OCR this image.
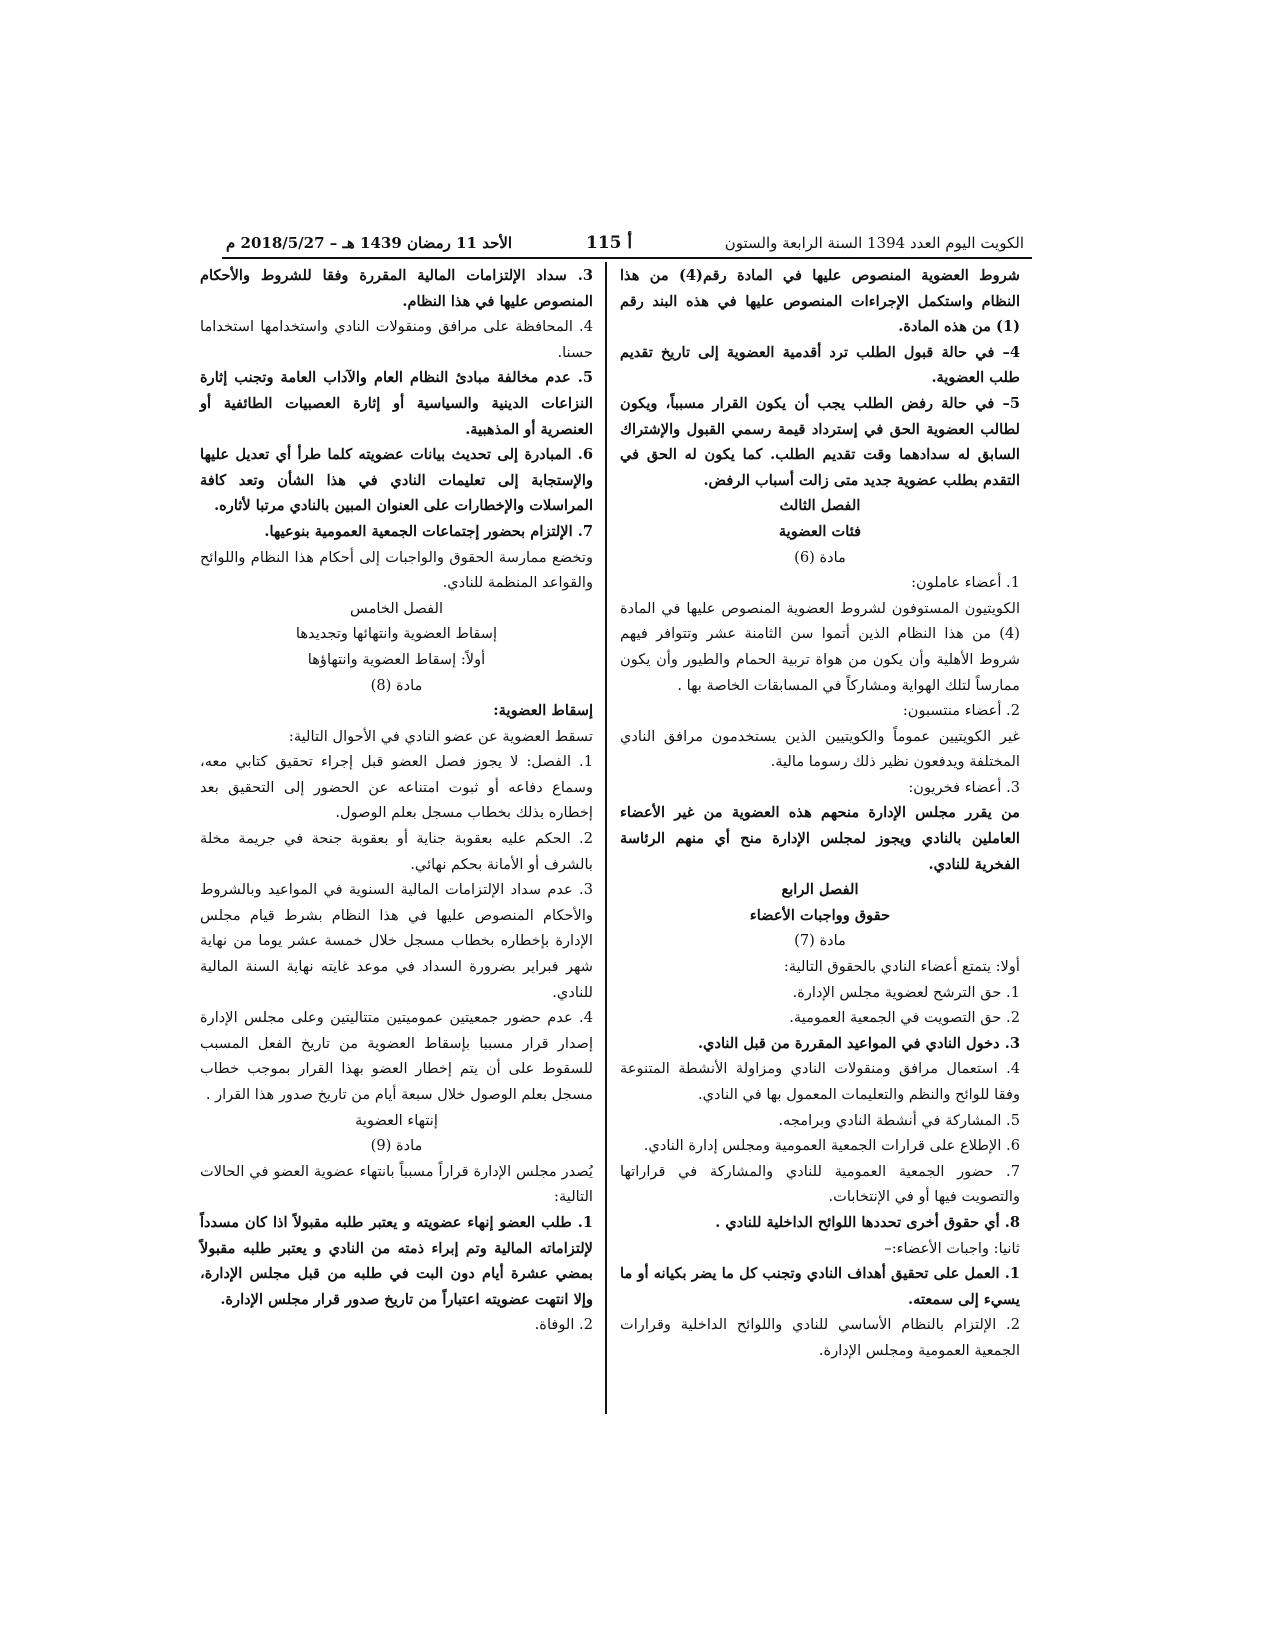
الكويت اليوم العدد 1394 السنة الرابعة والستون
أ 115
الأحد 11 رمضان 1439 هـ – 2018/5/27 م

شروط العضوية المنصوص عليها في المادة رقم(4) من هذا النظام واستكمل الإجراءات المنصوص عليها في هذه البند رقم (1) من هذه المادة.

4– في حالة قبول الطلب ترد أقدمية العضوية إلى تاريخ تقديم طلب العضوية.

5– في حالة رفض الطلب يجب أن يكون القرار مسبباً، ويكون لطالب العضوية الحق في إسترداد قيمة رسمي القبول والإشتراك السابق له سدادهما وقت تقديم الطلب. كما يكون له الحق في التقدم بطلب عضوية جديد متى زالت أسباب الرفض.

الفصل الثالث

فئات العضوية

مادة (6)

1. أعضاء عاملون:

الكويتيون المستوفون لشروط العضوية المنصوص عليها في المادة (4) من هذا النظام الذين أتموا سن الثامنة عشر وتتوافر فيهم شروط الأهلية وأن يكون من هواة تربية الحمام والطيور وأن يكون ممارساً لتلك الهواية ومشاركاً في المسابقات الخاصة بها .

2. أعضاء منتسبون:

غير الكويتيين عموماً والكويتيين الذين يستخدمون مرافق النادي المختلفة ويدفعون نظير ذلك رسوما مالية.

3. أعضاء فخريون:

من يقرر مجلس الإدارة منحهم هذه العضوية من غير الأعضاء العاملين بالنادي ويجوز لمجلس الإدارة منح أي منهم الرئاسة الفخرية للنادي.

الفصل الرابع

حقوق وواجبات الأعضاء

مادة (7)

أولا: يتمتع أعضاء النادي بالحقوق التالية:

1. حق الترشح لعضوية مجلس الإدارة.

2. حق التصويت في الجمعية العمومية.

3. دخول النادي في المواعيد المقررة من قبل النادي.

4. استعمال مرافق ومنقولات النادي ومزاولة الأنشطة المتنوعة وفقا للوائح والنظم والتعليمات المعمول بها في النادي.

5. المشاركة في أنشطة النادي وبرامجه.

6. الإطلاع على قرارات الجمعية العمومية ومجلس إدارة النادي.

7. حضور الجمعية العمومية للنادي والمشاركة في قراراتها والتصويت فيها أو في الإنتخابات.

8. أي حقوق أخرى تحددها اللوائح الداخلية للنادي .

ثانيا: واجبات الأعضاء:–

1. العمل على تحقيق أهداف النادي وتجنب كل ما يضر بكيانه أو ما يسيء إلى سمعته.

2. الإلتزام بالنظام الأساسي للنادي واللوائح الداخلية وقرارات الجمعية العمومية ومجلس الإدارة.

3. سداد الإلتزامات المالية المقررة وفقا للشروط والأحكام المنصوص عليها في هذا النظام.

4. المحافظة على مرافق ومنقولات النادي واستخدامها استخداما حسنا.

5. عدم مخالفة مبادئ النظام العام والآداب العامة وتجنب إثارة النزاعات الدينية والسياسية أو إثارة العصبيات الطائفية أو العنصرية أو المذهبية.

6. المبادرة إلى تحديث بيانات عضويته كلما طرأ أي تعديل عليها والإستجابة إلى تعليمات النادي في هذا الشأن وتعد كافة المراسلات والإخطارات على العنوان المبين بالنادي مرتبا لأثاره.

7. الإلتزام بحضور إجتماعات الجمعية العمومية بنوعيها.

وتخضع ممارسة الحقوق والواجبات إلى أحكام هذا النظام واللوائح والقواعد المنظمة للنادي.

الفصل الخامس

إسقاط العضوية وانتهائها وتجديدها

أولاً: إسقاط العضوية وانتهاؤها

مادة (8)

إسقاط العضوية:

تسقط العضوية عن عضو النادي في الأحوال التالية:

1. الفصل: لا يجوز فصل العضو قبل إجراء تحقيق كتابي معه، وسماع دفاعه أو ثبوت امتناعه عن الحضور إلى التحقيق بعد إخطاره بذلك بخطاب مسجل بعلم الوصول.

2. الحكم عليه بعقوبة جناية أو بعقوبة جنحة في جريمة مخلة بالشرف أو الأمانة بحكم نهائي.

3. عدم سداد الإلتزامات المالية السنوية في المواعيد وبالشروط والأحكام المنصوص عليها في هذا النظام بشرط قيام مجلس الإدارة بإخطاره بخطاب مسجل خلال خمسة عشر يوما من نهاية شهر فبراير بضرورة السداد في موعد غايته نهاية السنة المالية للنادي.

4. عدم حضور جمعيتين عموميتين متتاليتين وعلى مجلس الإدارة إصدار قرار مسببا بإسقاط العضوية من تاريخ الفعل المسبب للسقوط على أن يتم إخطار العضو بهذا القرار بموجب خطاب مسجل بعلم الوصول خلال سبعة أيام من تاريخ صدور هذا القرار .

إنتهاء العضوية

مادة (9)

يُصدر مجلس الإدارة قراراً مسبباً بانتهاء عضوية العضو في الحالات التالية:

1. طلب العضو إنهاء عضويته و يعتبر طلبه مقبولاً اذا كان مسدداً لإلتزاماته المالية وتم إبراء ذمته من النادي و يعتبر طلبه مقبولاً بمضي عشرة أيام دون البت في طلبه من قبل مجلس الإدارة، وإلا انتهت عضويته اعتباراً من تاريخ صدور قرار مجلس الإدارة.

2. الوفاة.
